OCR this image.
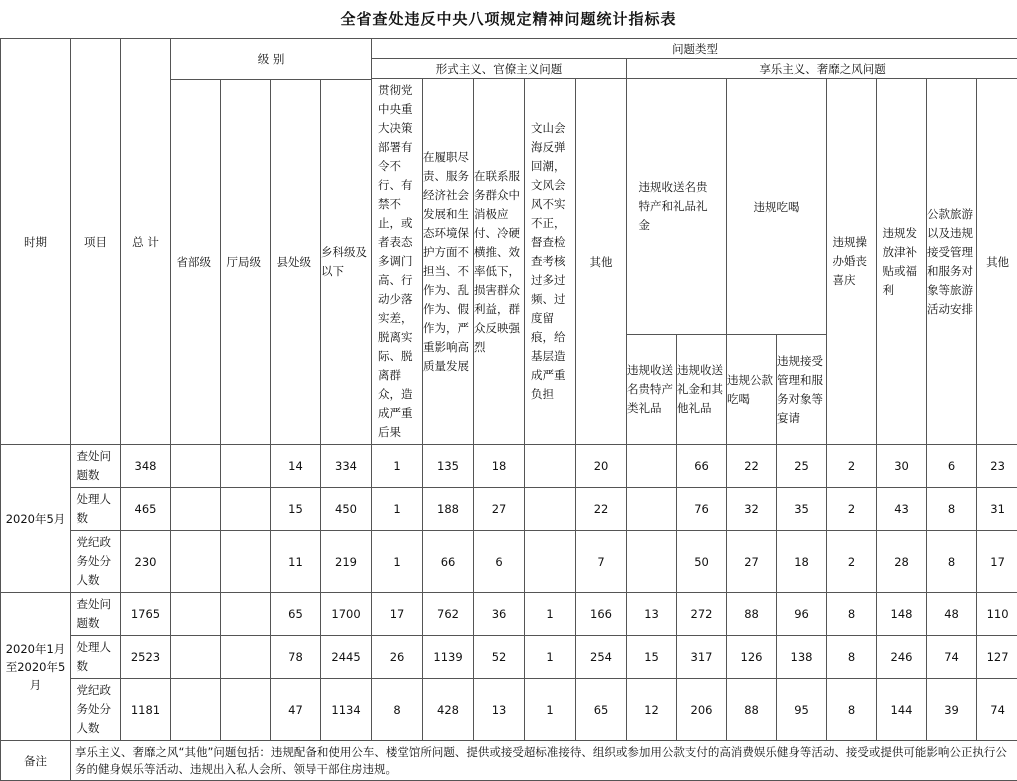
全省查处违反中央八项规定精神问题统计指标表
时期	项目	总 计	级 别				问题类型												
							形式主义、官僚主义问题					享乐主义、奢靡之风问题							
							贯彻党中央重大决策部署有令不行、有禁不止，或者表态多调门高、行动少落实差，脱离实际、脱离群众，造成严重后果	在履职尽责、服务经济社会发展和生态环境保护方面不担当、不作为、乱作为、假作为，严重影响高质量发展	在联系服务群众中消极应付、冷硬横推、效率低下，损害群众利益，群众反映强烈	文山会海反弹回潮，文风会风不实不正，督查检查考核过多过频、过度留痕，给基层造成严重负担	其他	违规收送名贵特产和礼品礼金		违规吃喝		违规操办婚丧喜庆	违规发放津补贴或福利	公款旅游以及违规接受管理和服务对象等旅游活动安排	其他
			省部级	厅局级	县处级	乡科级及以下													
												违规收送名贵特产类礼品	违规收送礼金和其他礼品	违规公款吃喝	违规接受管理和服务对象等宴请				
2020年5月	查处问题数	348			14	334	1	135	18		20		66	22	25	2	30	6	23
	处理人数	465			15	450	1	188	27		22		76	32	35	2	43	8	31
	党纪政务处分人数	230			11	219	1	66	6		7		50	27	18	2	28	8	17
2020年1月至2020年5月	查处问题数	1765			65	1700	17	762	36	1	166	13	272	88	96	8	148	48	110
	处理人数	2523			78	2445	26	1139	52	1	254	15	317	126	138	8	246	74	127
	党纪政务处分人数	1181			47	1134	8	428	13	1	65	12	206	88	95	8	144	39	74
备注	享乐主义、奢靡之风“其他”问题包括：违规配备和使用公车、楼堂馆所问题、提供或接受超标准接待、组织或参加用公款支付的高消费娱乐健身等活动、接受或提供可能影响公正执行公务的健身娱乐等活动、违规出入私人会所、领导干部住房违规。																		
